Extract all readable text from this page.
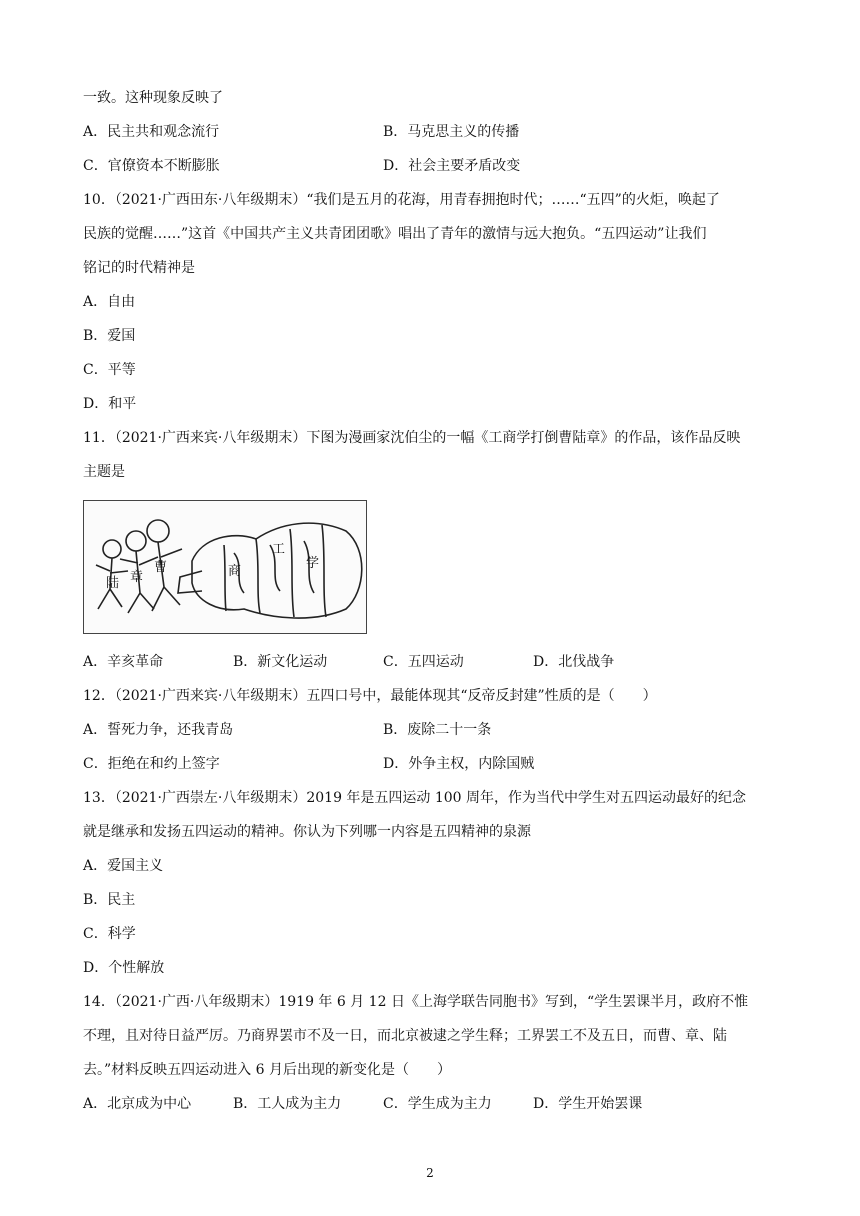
一致。这种现象反映了
A．民主共和观念流行	B．马克思主义的传播
C．官僚资本不断膨胀	D．社会主要矛盾改变
10．（2021·广西田东·八年级期末）“我们是五月的花海，用青春拥抱时代；……“五四”的火炬，唤起了
民族的觉醒……”这首《中国共产主义共青团团歌》唱出了青年的激情与远大抱负。“五四运动”让我们
铭记的时代精神是
A．自由
B．爱国
C．平等
D．和平
11．（2021·广西来宾·八年级期末）下图为漫画家沈伯尘的一幅《工商学打倒曹陆章》的作品，该作品反映
主题是
陆 章
曹	商
工
学
A．辛亥革命	B．新文化运动	C．五四运动	D．北伐战争
12．（2021·广西来宾·八年级期末）五四口号中，最能体现其“反帝反封建”性质的是（　　）
A．誓死力争，还我青岛	B．废除二十一条
C．拒绝在和约上签字	D．外争主权，内除国贼
13．（2021·广西崇左·八年级期末）2019 年是五四运动 100 周年，作为当代中学生对五四运动最好的纪念
就是继承和发扬五四运动的精神。你认为下列哪一内容是五四精神的泉源
A．爱国主义
B．民主
C．科学
D．个性解放
14．（2021·广西·八年级期末）1919 年 6 月 12 日《上海学联告同胞书》写到，“学生罢课半月，政府不惟
不理，且对待日益严厉。乃商界罢市不及一日，而北京被逮之学生释；工界罢工不及五日，而曹、章、陆
去。”材料反映五四运动进入 6 月后出现的新变化是（　　）
A．北京成为中心	B．工人成为主力	C．学生成为主力	D．学生开始罢课
2
